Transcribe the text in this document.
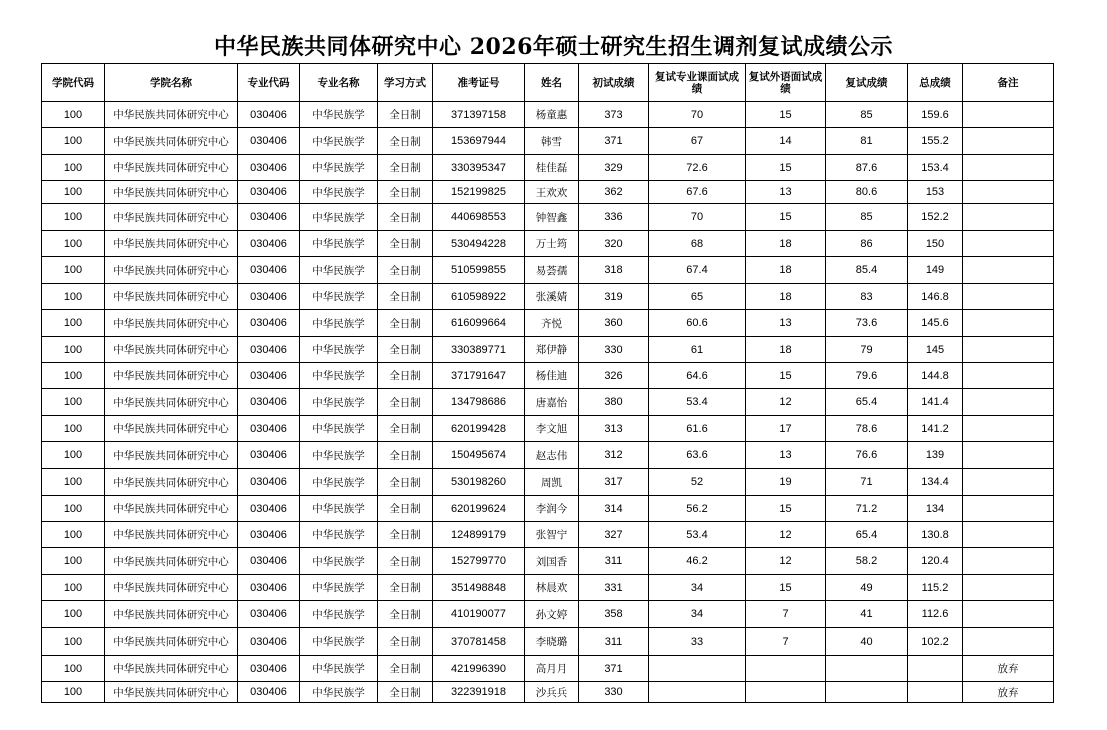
中华民族共同体研究中心 2026年硕士研究生招生调剂复试成绩公示
学院代码	学院名称	专业代码	专业名称	学习方式	准考证号	姓名	初试成绩	复试专业课面试成绩	复试外语面试成绩	复试成绩	总成绩	备注
100	中华民族共同体研究中心	030406	中华民族学	全日制	371397158	杨童惠	373	70	15	85	159.6	
100	中华民族共同体研究中心	030406	中华民族学	全日制	153697944	韩雪	371	67	14	81	155.2	
100	中华民族共同体研究中心	030406	中华民族学	全日制	330395347	桂佳磊	329	72.6	15	87.6	153.4	
100	中华民族共同体研究中心	030406	中华民族学	全日制	152199825	王欢欢	362	67.6	13	80.6	153	
100	中华民族共同体研究中心	030406	中华民族学	全日制	440698553	钟智鑫	336	70	15	85	152.2	
100	中华民族共同体研究中心	030406	中华民族学	全日制	530494228	万士筠	320	68	18	86	150	
100	中华民族共同体研究中心	030406	中华民族学	全日制	510599855	易荟孺	318	67.4	18	85.4	149	
100	中华民族共同体研究中心	030406	中华民族学	全日制	610598922	张溪婧	319	65	18	83	146.8	
100	中华民族共同体研究中心	030406	中华民族学	全日制	616099664	齐悦	360	60.6	13	73.6	145.6	
100	中华民族共同体研究中心	030406	中华民族学	全日制	330389771	郑伊静	330	61	18	79	145	
100	中华民族共同体研究中心	030406	中华民族学	全日制	371791647	杨佳迪	326	64.6	15	79.6	144.8	
100	中华民族共同体研究中心	030406	中华民族学	全日制	134798686	唐嘉怡	380	53.4	12	65.4	141.4	
100	中华民族共同体研究中心	030406	中华民族学	全日制	620199428	李文旭	313	61.6	17	78.6	141.2	
100	中华民族共同体研究中心	030406	中华民族学	全日制	150495674	赵志伟	312	63.6	13	76.6	139	
100	中华民族共同体研究中心	030406	中华民族学	全日制	530198260	周凯	317	52	19	71	134.4	
100	中华民族共同体研究中心	030406	中华民族学	全日制	620199624	李润今	314	56.2	15	71.2	134	
100	中华民族共同体研究中心	030406	中华民族学	全日制	124899179	张智宁	327	53.4	12	65.4	130.8	
100	中华民族共同体研究中心	030406	中华民族学	全日制	152799770	刘国香	311	46.2	12	58.2	120.4	
100	中华民族共同体研究中心	030406	中华民族学	全日制	351498848	林晨欢	331	34	15	49	115.2	
100	中华民族共同体研究中心	030406	中华民族学	全日制	410190077	孙文婷	358	34	7	41	112.6	
100	中华民族共同体研究中心	030406	中华民族学	全日制	370781458	李晓璐	311	33	7	40	102.2	
100	中华民族共同体研究中心	030406	中华民族学	全日制	421996390	高月月	371					放弃
100	中华民族共同体研究中心	030406	中华民族学	全日制	322391918	沙兵兵	330					放弃
